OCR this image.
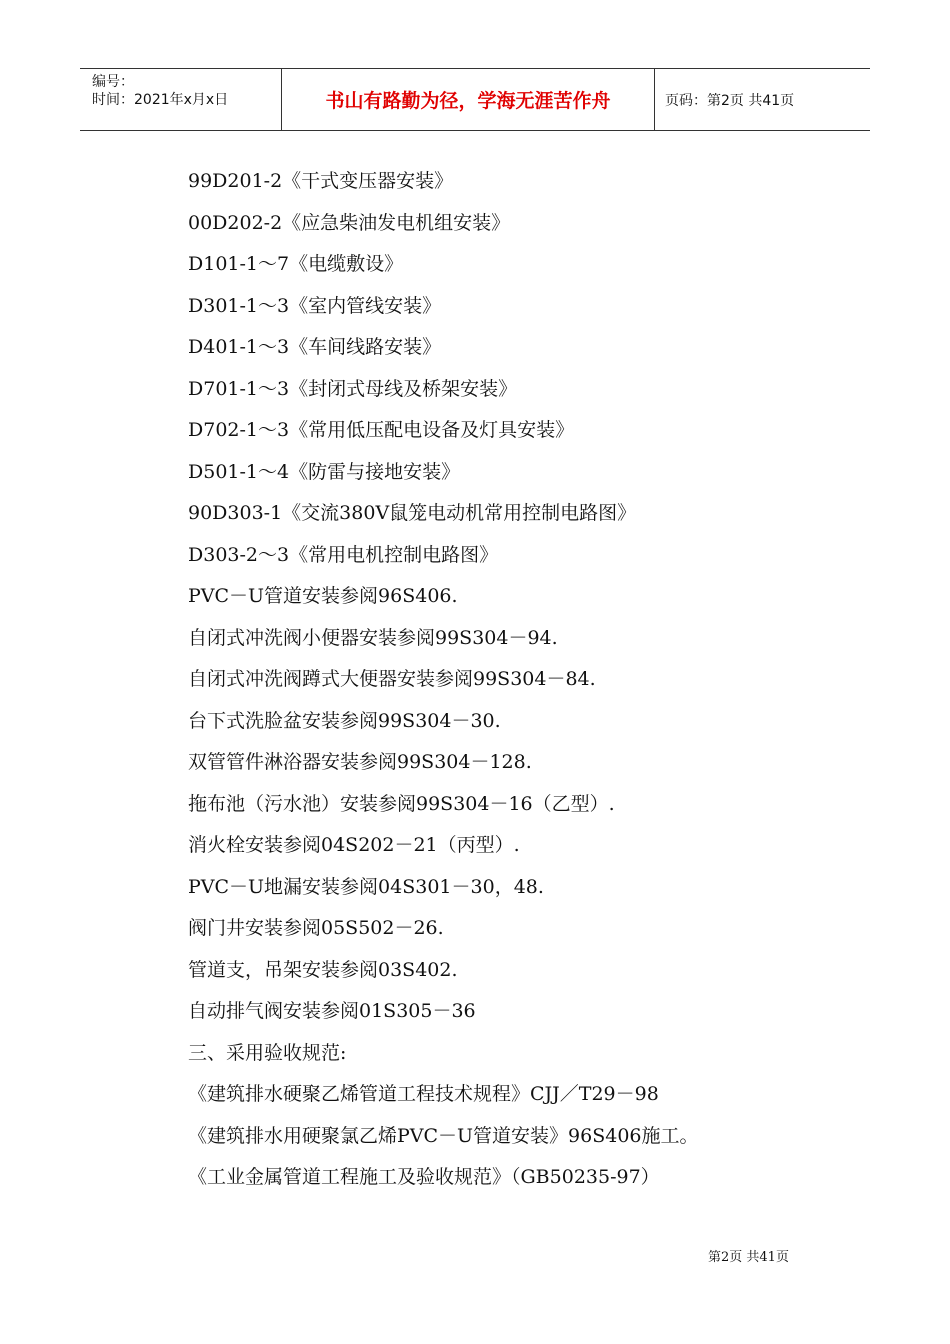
编号：
时间：2021年x月x日	书山有路勤为径，学海无涯苦作舟	页码：第2页 共41页
99D201-2《干式变压器安装》
00D202-2《应急柴油发电机组安装》
D101-1～7《电缆敷设》
D301-1～3《室内管线安装》
D401-1～3《车间线路安装》
D701-1～3《封闭式母线及桥架安装》
D702-1～3《常用低压配电设备及灯具安装》
D501-1～4《防雷与接地安装》
90D303-1《交流380V鼠笼电动机常用控制电路图》
D303-2～3《常用电机控制电路图》
PVC－U管道安装参阅96S406.
自闭式冲洗阀小便器安装参阅99S304－94.
自闭式冲洗阀蹲式大便器安装参阅99S304－84.
台下式洗脸盆安装参阅99S304－30.
双管管件淋浴器安装参阅99S304－128.
拖布池（污水池）安装参阅99S304－16（乙型）.
消火栓安装参阅04S202－21（丙型）.
PVC－U地漏安装参阅04S301－30，48.
阀门井安装参阅05S502－26.
管道支，吊架安装参阅03S402.
自动排气阀安装参阅01S305－36
三、采用验收规范:
《建筑排水硬聚乙烯管道工程技术规程》CJJ／T29－98
《建筑排水用硬聚氯乙烯PVC－U管道安装》96S406施工。
《工业金属管道工程施工及验收规范》（GB50235-97）
第2页 共41页
